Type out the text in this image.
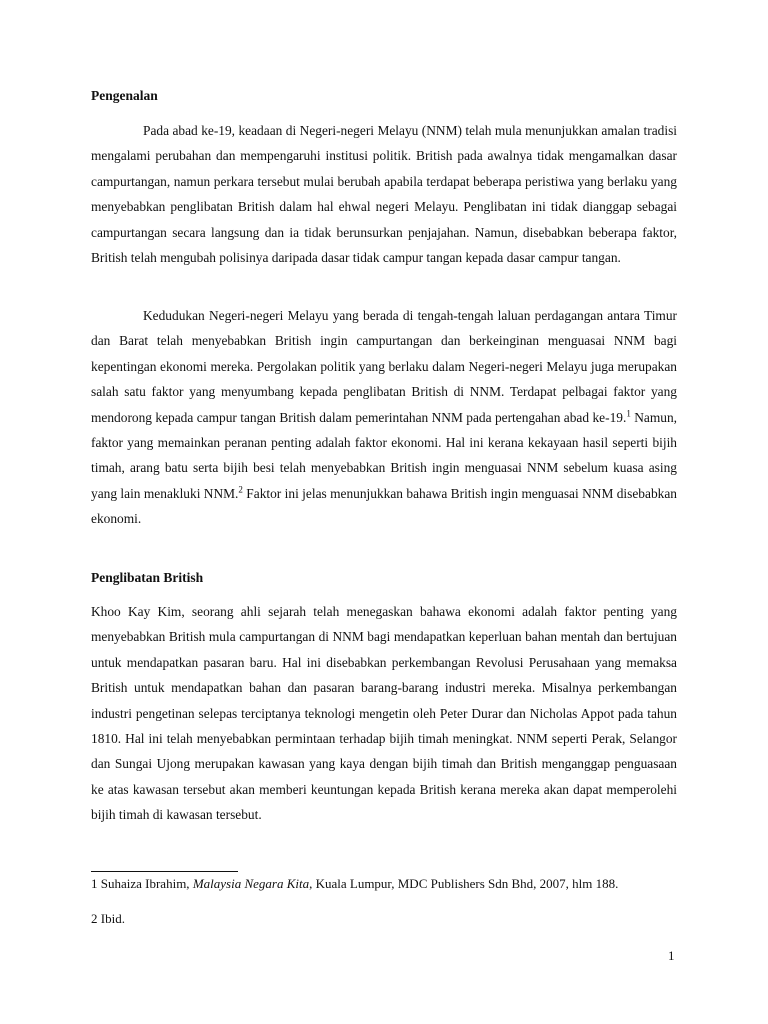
Pengenalan

Pada abad ke-19, keadaan di Negeri-negeri Melayu (NNM) telah mula menunjukkan amalan tradisi mengalami perubahan dan mempengaruhi institusi politik. British pada awalnya tidak mengamalkan dasar campurtangan, namun perkara tersebut mulai berubah apabila terdapat beberapa peristiwa yang berlaku yang menyebabkan penglibatan British dalam hal ehwal negeri Melayu. Penglibatan ini tidak dianggap sebagai campurtangan secara langsung dan ia tidak berunsurkan penjajahan. Namun, disebabkan beberapa faktor, British telah mengubah polisinya daripada dasar tidak campur tangan kepada dasar campur tangan.

Kedudukan Negeri-negeri Melayu yang berada di tengah-tengah laluan perdagangan antara Timur dan Barat telah menyebabkan British ingin campurtangan dan berkeinginan menguasai NNM bagi kepentingan ekonomi mereka. Pergolakan politik yang berlaku dalam Negeri-negeri Melayu juga merupakan salah satu faktor yang menyumbang kepada penglibatan British di NNM. Terdapat pelbagai faktor yang mendorong kepada campur tangan British dalam pemerintahan NNM pada pertengahan abad ke-19.$^1$ Namun, faktor yang memainkan peranan penting adalah faktor ekonomi. Hal ini kerana kekayaan hasil seperti bijih timah, arang batu serta bijih besi telah menyebabkan British ingin menguasai NNM sebelum kuasa asing yang lain menakluki NNM.$^2$ Faktor ini jelas menunjukkan bahawa British ingin menguasai NNM disebabkan ekonomi.

Penglibatan British

Khoo Kay Kim, seorang ahli sejarah telah menegaskan bahawa ekonomi adalah faktor penting yang menyebabkan British mula campurtangan di NNM bagi mendapatkan keperluan bahan mentah dan bertujuan untuk mendapatkan pasaran baru. Hal ini disebabkan perkembangan Revolusi Perusahaan yang memaksa British untuk mendapatkan bahan dan pasaran barang-barang industri mereka. Misalnya perkembangan industri pengetinan selepas terciptanya teknologi mengetin oleh Peter Durar dan Nicholas Appot pada tahun 1810. Hal ini telah menyebabkan permintaan terhadap bijih timah meningkat. NNM seperti Perak, Selangor dan Sungai Ujong merupakan kawasan yang kaya dengan bijih timah dan British menganggap penguasaan ke atas kawasan tersebut akan memberi keuntungan kepada British kerana mereka akan dapat memperolehi bijih timah di kawasan tersebut.

1 Suhaiza Ibrahim, Malaysia Negara Kita, Kuala Lumpur, MDC Publishers Sdn Bhd, 2007, hlm 188.

2 Ibid.

1
